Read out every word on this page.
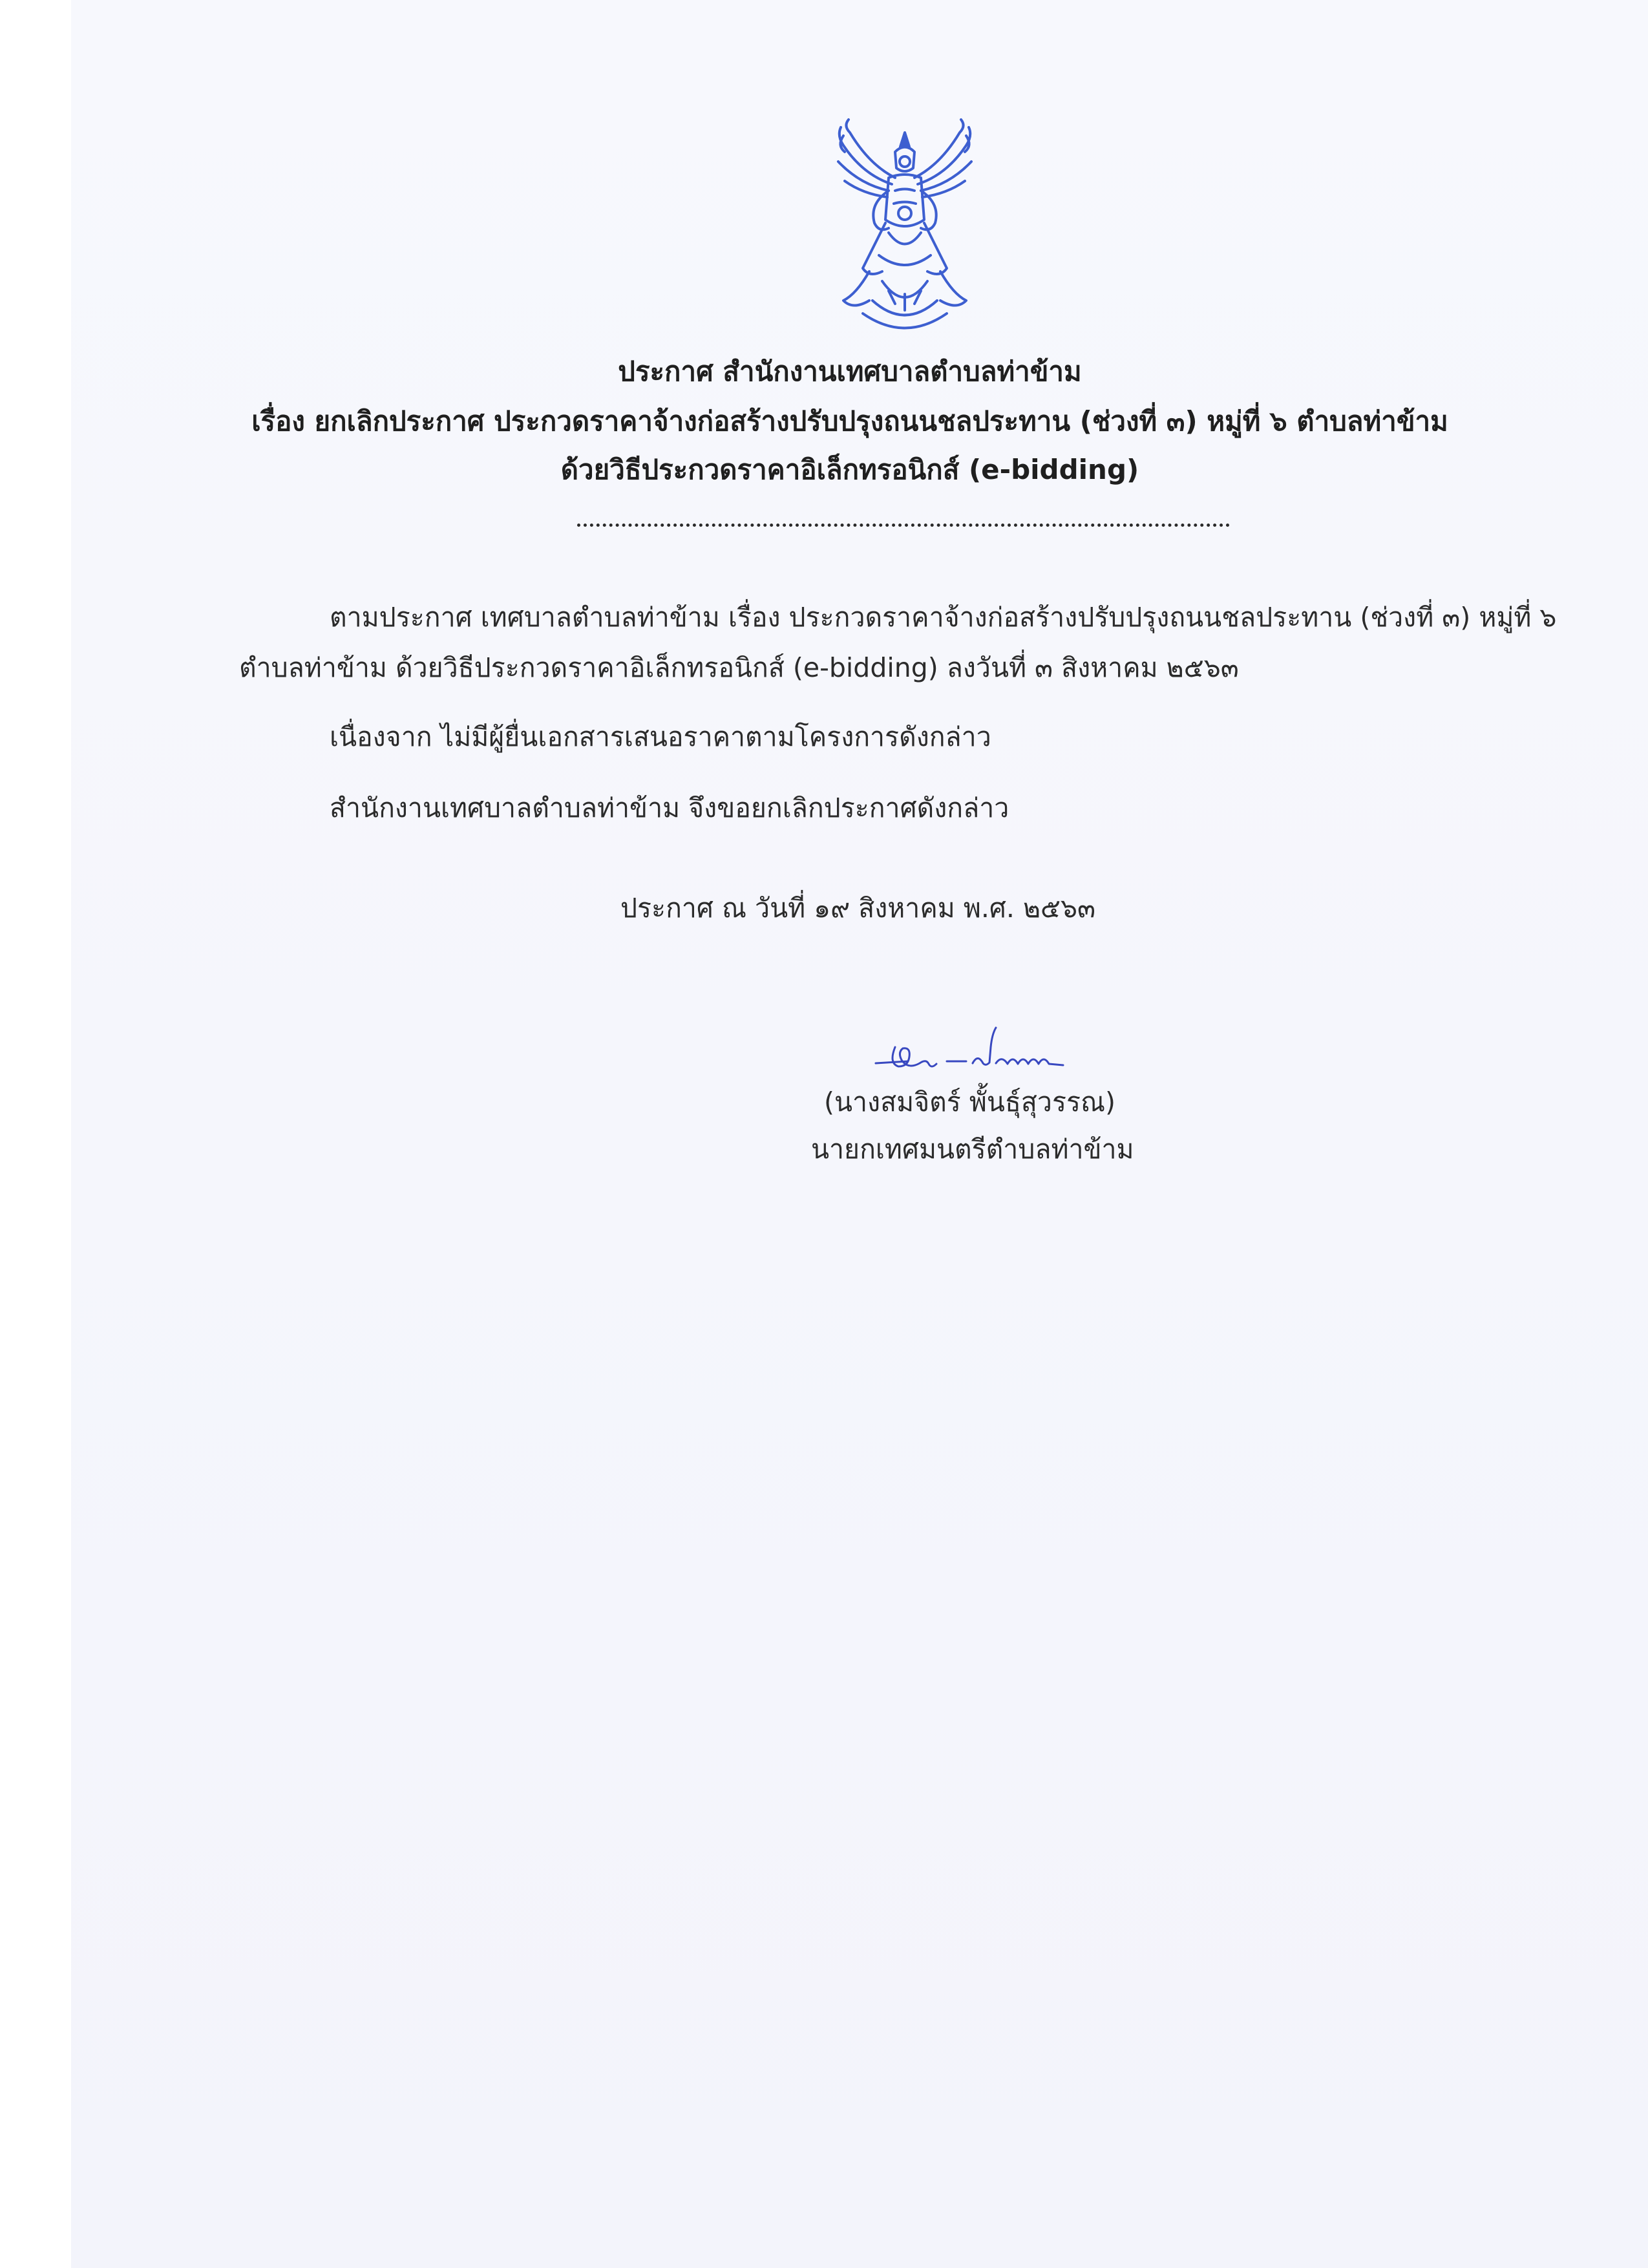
ประกาศ สำนักงานเทศบาลตำบลท่าข้าม
เรื่อง ยกเลิกประกาศ ประกวดราคาจ้างก่อสร้างปรับปรุงถนนชลประทาน (ช่วงที่ ๓) หมู่ที่ ๖ ตำบลท่าข้าม
ด้วยวิธีประกวดราคาอิเล็กทรอนิกส์ (e-bidding)
ตามประกาศ เทศบาลตำบลท่าข้าม เรื่อง ประกวดราคาจ้างก่อสร้างปรับปรุงถนนชลประทาน (ช่วงที่ ๓) หมู่ที่ ๖
ตำบลท่าข้าม ด้วยวิธีประกวดราคาอิเล็กทรอนิกส์ (e-bidding) ลงวันที่ ๓ สิงหาคม ๒๕๖๓
เนื่องจาก ไม่มีผู้ยื่นเอกสารเสนอราคาตามโครงการดังกล่าว
สำนักงานเทศบาลตำบลท่าข้าม จึงขอยกเลิกประกาศดังกล่าว
ประกาศ ณ วันที่ ๑๙ สิงหาคม พ.ศ. ๒๕๖๓
(นางสมจิตร์ พั้นธุ์สุวรรณ)
นายกเทศมนตรีตำบลท่าข้าม
